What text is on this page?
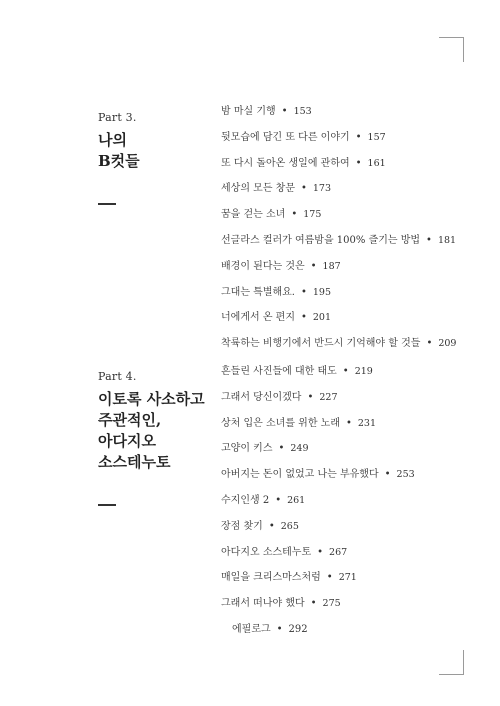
Part 3.
나의
B컷들
밤 마실 기행 • 153
뒷모습에 담긴 또 다른 이야기 • 157
또 다시 돌아온 생일에 관하여 • 161
세상의 모든 창문 • 173
꿈을 걷는 소녀 • 175
선글라스 컬러가 여름밤을 100% 즐기는 방법 • 181
배경이 된다는 것은 • 187
그대는 특별해요. • 195
너에게서 온 편지 • 201
착륙하는 비행기에서 반드시 기억해야 할 것들 • 209
Part 4.
이토록 사소하고
주관적인,
아다지오
소스테누토
흔들린 사진들에 대한 태도 • 219
그래서 당신이겠다 • 227
상처 입은 소녀를 위한 노래 • 231
고양이 키스 • 249
아버지는 돈이 없었고 나는 부유했다 • 253
수지인생 2 • 261
장점 찾기 • 265
아다지오 소스테누토 • 267
매일을 크리스마스처럼 • 271
그래서 떠나야 했다 • 275
에필로그 • 292
